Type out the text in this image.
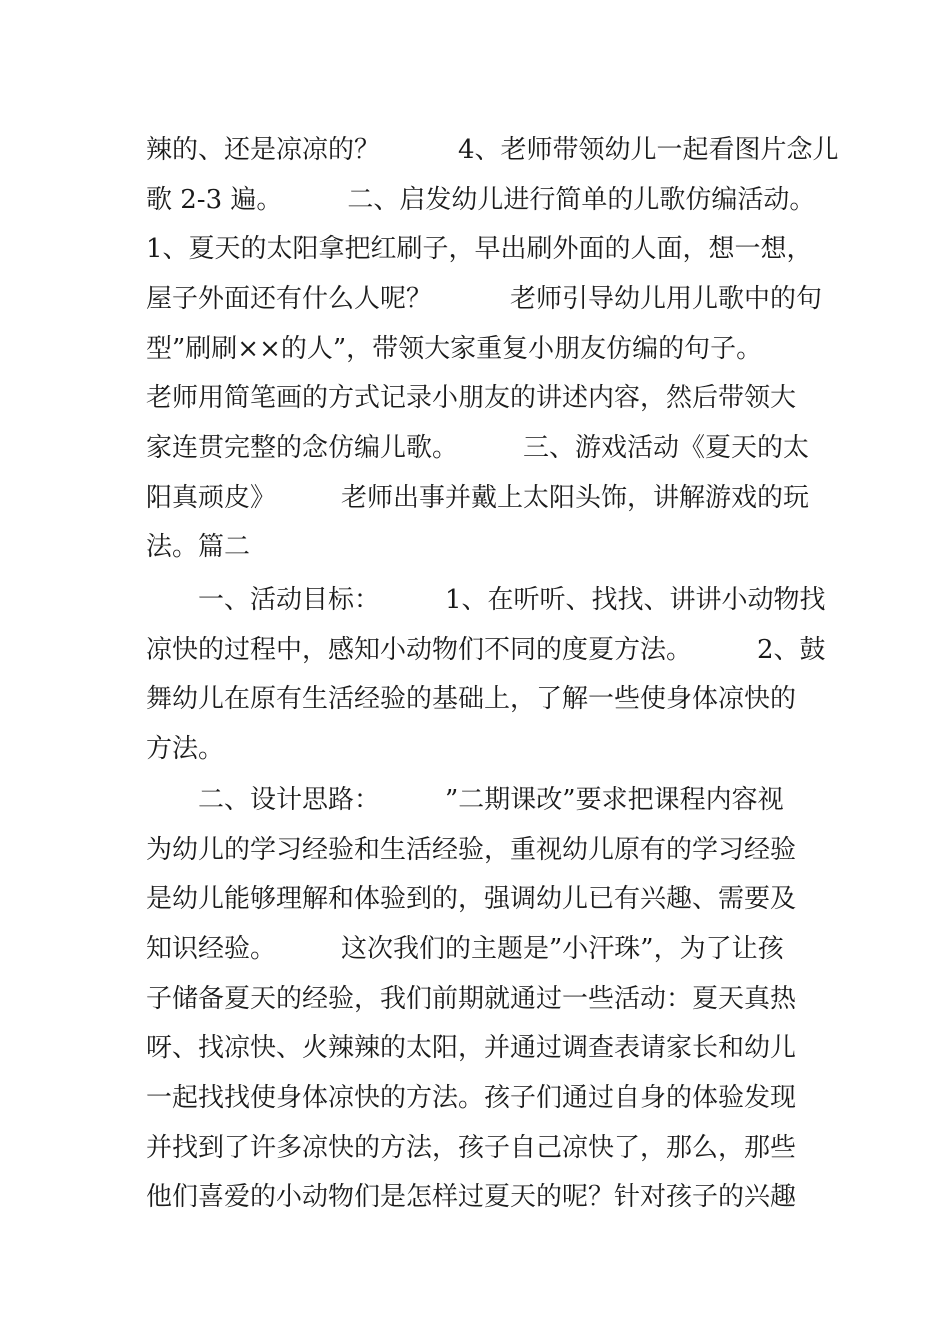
辣的、还是凉凉的？　　　4、老师带领幼儿一起看图片念儿
歌 2-3 遍。　　　二、启发幼儿进行简单的儿歌仿编活动。
1、夏天的太阳拿把红刷子，早出刷外面的人面，想一想，
屋子外面还有什么人呢？　　　老师引导幼儿用儿歌中的句
型”刷刷××的人”，带领大家重复小朋友仿编的句子。
老师用简笔画的方式记录小朋友的讲述内容，然后带领大
家连贯完整的念仿编儿歌。　　　三、游戏活动《夏天的太
阳真顽皮》　　　老师出事并戴上太阳头饰，讲解游戏的玩
法。篇二
　　一、活动目标：　　　1、在听听、找找、讲讲小动物找
凉快的过程中，感知小动物们不同的度夏方法。　　　2、鼓
舞幼儿在原有生活经验的基础上，了解一些使身体凉快的
方法。
　　二、设计思路：　　　”二期课改”要求把课程内容视
为幼儿的学习经验和生活经验，重视幼儿原有的学习经验
是幼儿能够理解和体验到的，强调幼儿已有兴趣、需要及
知识经验。　　　这次我们的主题是”小汗珠”，为了让孩
子储备夏天的经验，我们前期就通过一些活动：夏天真热
呀、找凉快、火辣辣的太阳，并通过调查表请家长和幼儿
一起找找使身体凉快的方法。孩子们通过自身的体验发现
并找到了许多凉快的方法，孩子自己凉快了，那么，那些
他们喜爱的小动物们是怎样过夏天的呢？针对孩子的兴趣
